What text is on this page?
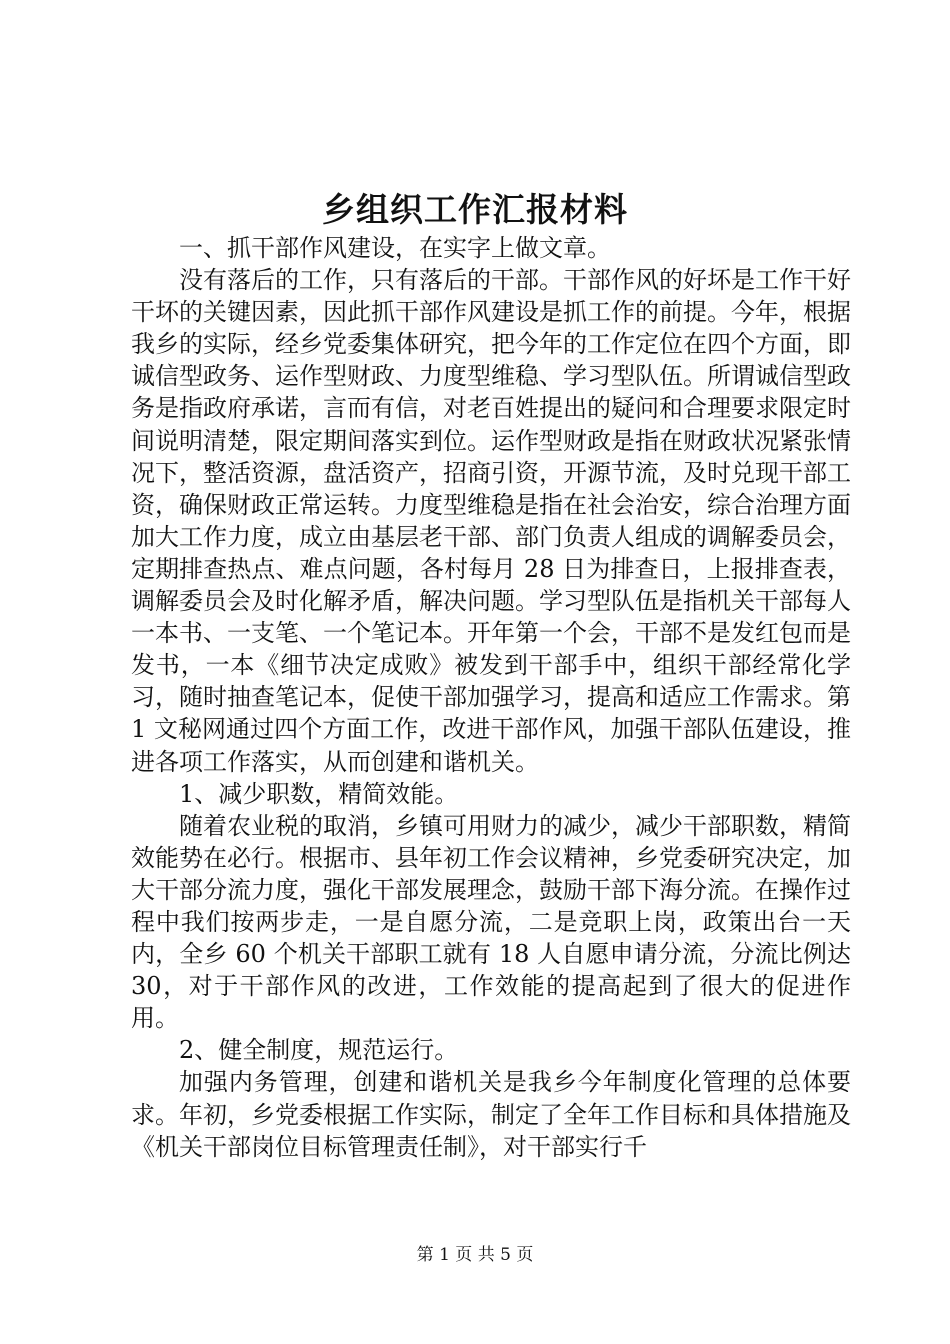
乡组织工作汇报材料

一、抓干部作风建设，在实字上做文章。

没有落后的工作，只有落后的干部。干部作风的好坏是工作干好干坏的关键因素，因此抓干部作风建设是抓工作的前提。今年，根据我乡的实际，经乡党委集体研究，把今年的工作定位在四个方面，即诚信型政务、运作型财政、力度型维稳、学习型队伍。所谓诚信型政务是指政府承诺，言而有信，对老百姓提出的疑问和合理要求限定时间说明清楚，限定期间落实到位。运作型财政是指在财政状况紧张情况下，整活资源，盘活资产，招商引资，开源节流，及时兑现干部工资，确保财政正常运转。力度型维稳是指在社会治安，综合治理方面加大工作力度，成立由基层老干部、部门负责人组成的调解委员会，定期排查热点、难点问题，各村每月 28 日为排查日，上报排查表，调解委员会及时化解矛盾，解决问题。学习型队伍是指机关干部每人一本书、一支笔、一个笔记本。开年第一个会，干部不是发红包而是发书，一本《细节决定成败》被发到干部手中，组织干部经常化学习，随时抽查笔记本，促使干部加强学习，提高和适应工作需求。第 1 文秘网通过四个方面工作，改进干部作风，加强干部队伍建设，推进各项工作落实，从而创建和谐机关。

1、减少职数，精简效能。

随着农业税的取消，乡镇可用财力的减少，减少干部职数，精简效能势在必行。根据市、县年初工作会议精神，乡党委研究决定，加大干部分流力度，强化干部发展理念，鼓励干部下海分流。在操作过程中我们按两步走，一是自愿分流，二是竞职上岗，政策出台一天内，全乡 60 个机关干部职工就有 18 人自愿申请分流，分流比例达 30，对于干部作风的改进，工作效能的提高起到了很大的促进作用。

2、健全制度，规范运行。

加强内务管理，创建和谐机关是我乡今年制度化管理的总体要求。年初，乡党委根据工作实际，制定了全年工作目标和具体措施及《机关干部岗位目标管理责任制》，对干部实行千

第 1 页 共 5 页
